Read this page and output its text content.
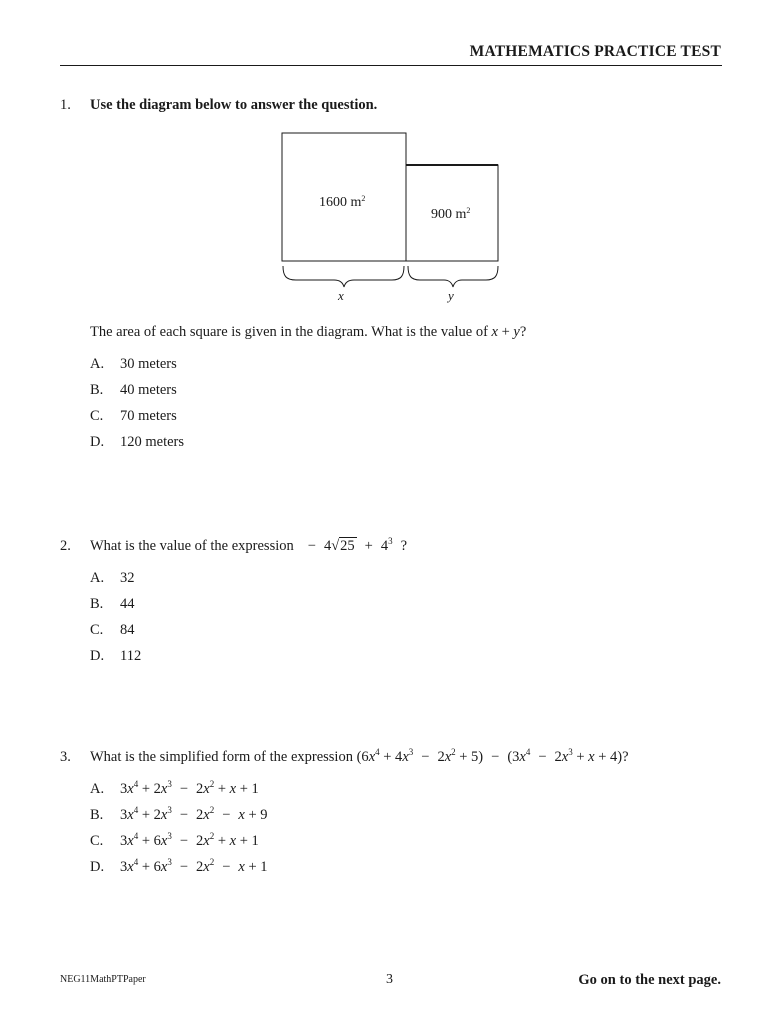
MATHEMATICS PRACTICE TEST
1. Use the diagram below to answer the question.
1600 $m^2$
900 $m^2$
x	y
The area of each square is given in the diagram. What is the value of x + y?
A. 30 meters
B. 40 meters
C. 70 meters
D. 120 meters
2. What is the value of the expression − $4√25 + 4^3$ ?
A. 32
B. 44
C. 84
D. 112
3. What is the simplified form of the expression $(6x^4 + 4x^3 - 2x^2 + 5) - (3x^4 - 2x^3 + x + 4)$?
A. $3x^4 + 2x^3 - 2x^2 + x + 1$
B. $3x^4 + 2x^3 - 2x^2 - x + 9$
C. $3x^4 + 6x^3 - 2x^2 + x + 1$
D. $3x^4 + 6x^3 - 2x^2 - x + 1$
NEG11MathPTPaper	3	Go on to the next page.
